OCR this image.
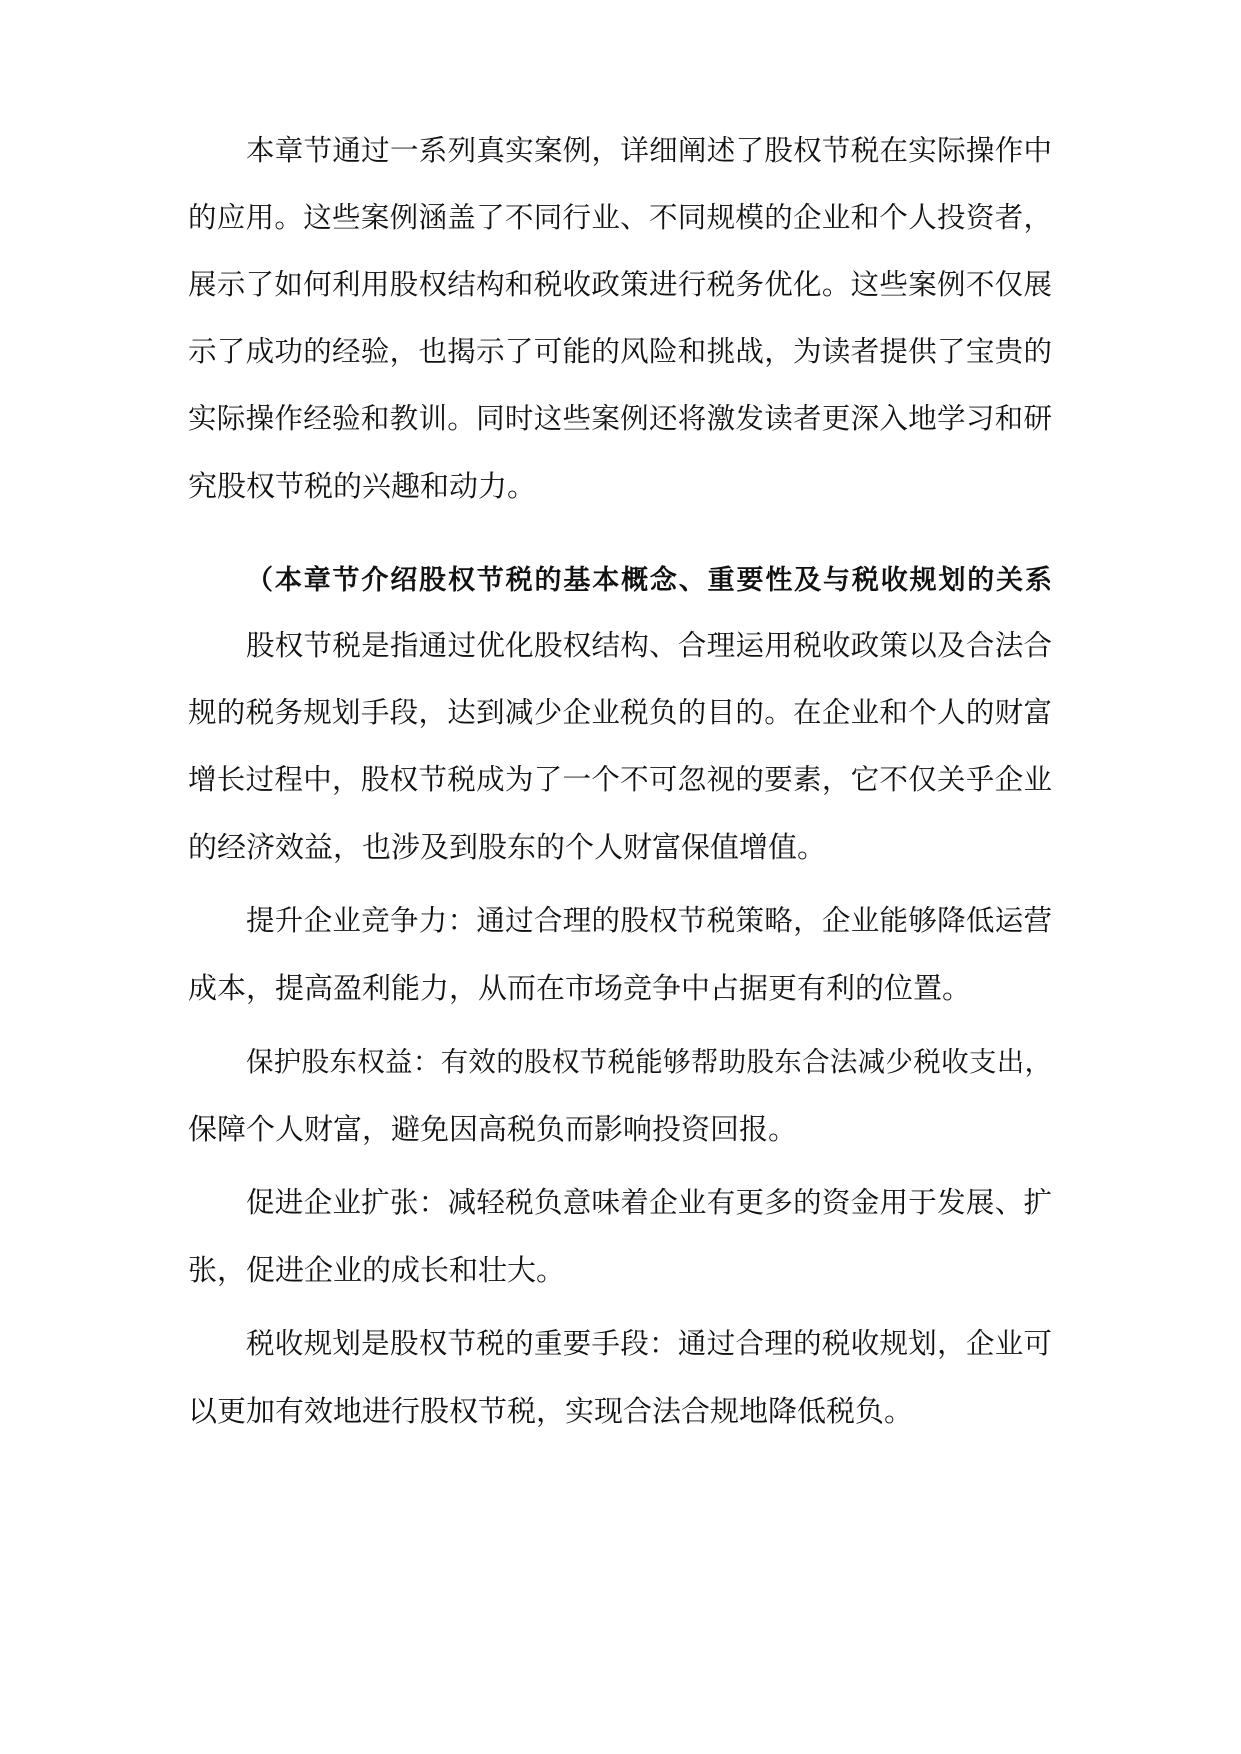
本章节通过一系列真实案例，详细阐述了股权节税在实际操作中
的应用。这些案例涵盖了不同行业、不同规模的企业和个人投资者，
展示了如何利用股权结构和税收政策进行税务优化。这些案例不仅展
示了成功的经验，也揭示了可能的风险和挑战，为读者提供了宝贵的
实际操作经验和教训。同时这些案例还将激发读者更深入地学习和研
究股权节税的兴趣和动力。
（本章节介绍股权节税的基本概念、重要性及与税收规划的关系
股权节税是指通过优化股权结构、合理运用税收政策以及合法合
规的税务规划手段，达到减少企业税负的目的。在企业和个人的财富
增长过程中，股权节税成为了一个不可忽视的要素，它不仅关乎企业
的经济效益，也涉及到股东的个人财富保值增值。
提升企业竞争力：通过合理的股权节税策略，企业能够降低运营
成本，提高盈利能力，从而在市场竞争中占据更有利的位置。
保护股东权益：有效的股权节税能够帮助股东合法减少税收支出，
保障个人财富，避免因高税负而影响投资回报。
促进企业扩张：减轻税负意味着企业有更多的资金用于发展、扩
张，促进企业的成长和壮大。
税收规划是股权节税的重要手段：通过合理的税收规划，企业可
以更加有效地进行股权节税，实现合法合规地降低税负。
